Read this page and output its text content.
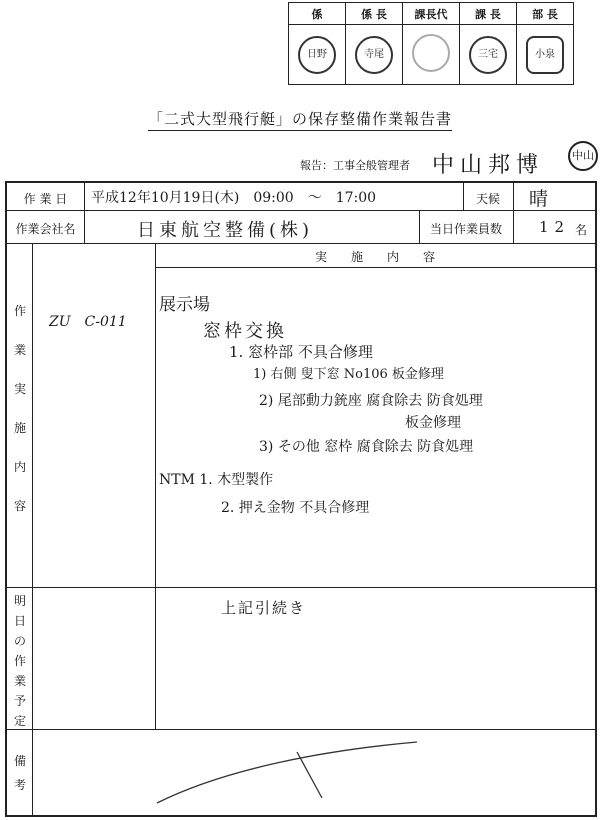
係	係 長	課長代	課 長	部 長
日野	寺尾		三宅	小泉
「二式大型飛行艇」の保存整備作業報告書
報告：工事全般管理者 中山邦博	中山
作 業 日	平成12年10月19日(木)　09:00　〜　17:00	天候	晴
作業会社名	日東航空整備(株)	当日作業員数	12 名
実　　施　　内　　容
作
業
実
施
内
容
ZU　C-011
展示場
窓枠交換
1. 窓枠部 不具合修理
1) 右側 叟下窓 No106 板金修理
2) 尾部動力銃座 腐食除去 防食処理
板金修理
3) その他 窓枠 腐食除去 防食処理
NTM 1. 木型製作
2. 押え金物 不具合修理
明
日
の
作
業
予
定
上記引続き
備
考
